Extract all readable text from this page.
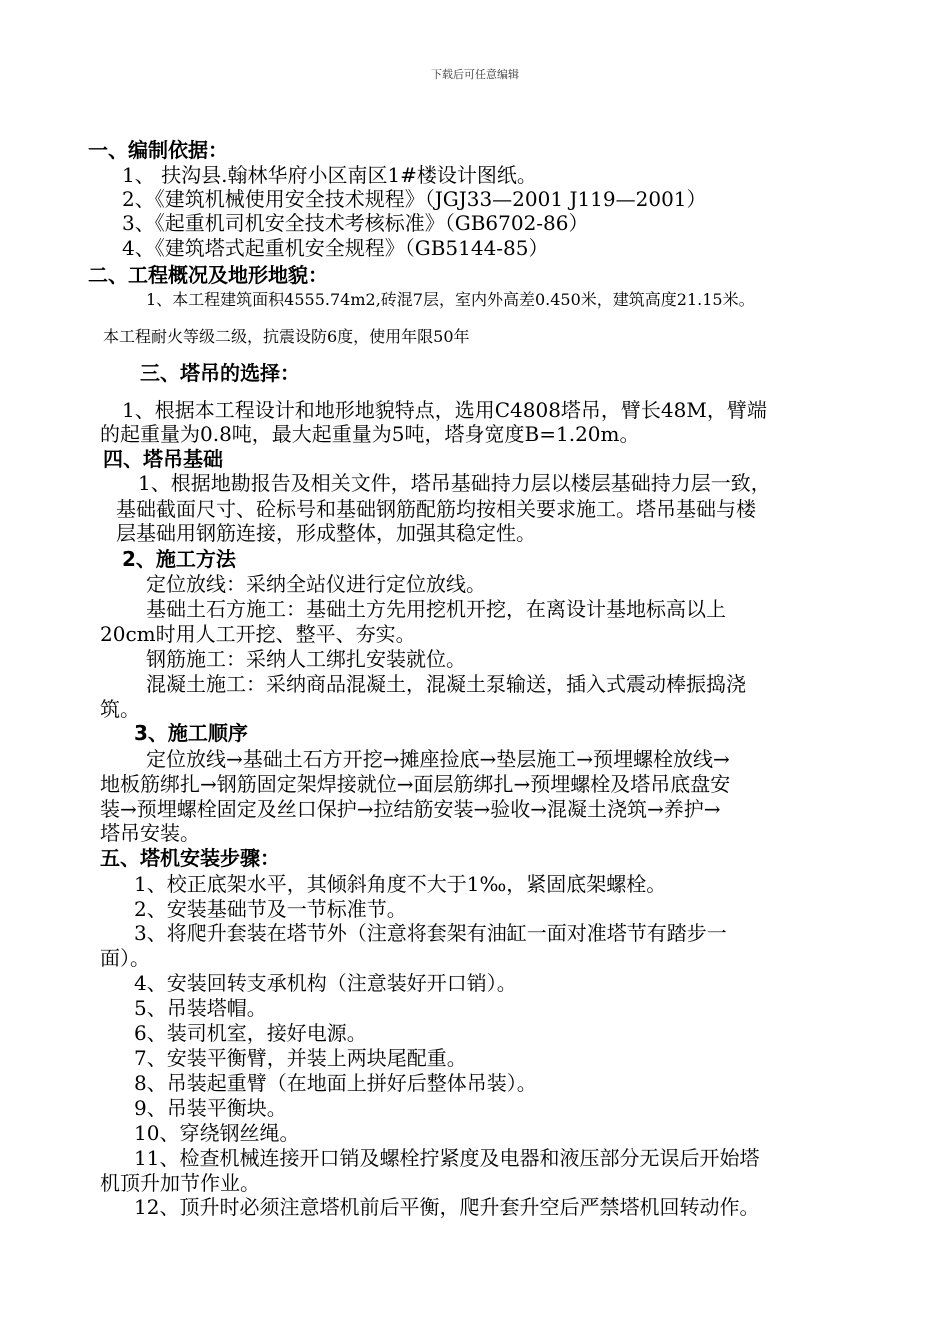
下载后可任意编辑
一、编制依据：
1、 扶沟县.翰林华府小区南区1#楼设计图纸。
2、《建筑机械使用安全技术规程》（JGJ33—2001 J119—2001）
3、《起重机司机安全技术考核标准》（GB6702-86）
4、《建筑塔式起重机安全规程》（GB5144-85）
二、工程概况及地形地貌：
1、本工程建筑面积4555.74m2,砖混7层，室内外高差0.450米，建筑高度21.15米。
本工程耐火等级二级，抗震设防6度，使用年限50年
三、塔吊的选择：
1、根据本工程设计和地形地貌特点，选用C4808塔吊，臂长48M，臂端
的起重量为0.8吨，最大起重量为5吨，塔身宽度B=1.20m。
四、塔吊基础
1、根据地勘报告及相关文件，塔吊基础持力层以楼层基础持力层一致，
基础截面尺寸、砼标号和基础钢筋配筋均按相关要求施工。塔吊基础与楼
层基础用钢筋连接，形成整体，加强其稳定性。
2、施工方法
定位放线：采纳全站仪进行定位放线。
基础土石方施工：基础土方先用挖机开挖，在离设计基地标高以上
20cm时用人工开挖、整平、夯实。
钢筋施工：采纳人工绑扎安装就位。
混凝土施工：采纳商品混凝土，混凝土泵输送，插入式震动棒振捣浇
筑。
3、施工顺序
定位放线→基础土石方开挖→摊座捡底→垫层施工→预埋螺栓放线→
地板筋绑扎→钢筋固定架焊接就位→面层筋绑扎→预埋螺栓及塔吊底盘安
装→预埋螺栓固定及丝口保护→拉结筋安装→验收→混凝土浇筑→养护→
塔吊安装。
五、塔机安装步骤：
1、校正底架水平，其倾斜角度不大于1‰，紧固底架螺栓。
2、安装基础节及一节标准节。
3、将爬升套装在塔节外（注意将套架有油缸一面对准塔节有踏步一
面）。
4、安装回转支承机构（注意装好开口销）。
5、吊装塔帽。
6、装司机室，接好电源。
7、安装平衡臂，并装上两块尾配重。
8、吊装起重臂（在地面上拼好后整体吊装）。
9、吊装平衡块。
10、穿绕钢丝绳。
11、检查机械连接开口销及螺栓拧紧度及电器和液压部分无误后开始塔
机顶升加节作业。
12、顶升时必须注意塔机前后平衡，爬升套升空后严禁塔机回转动作。
